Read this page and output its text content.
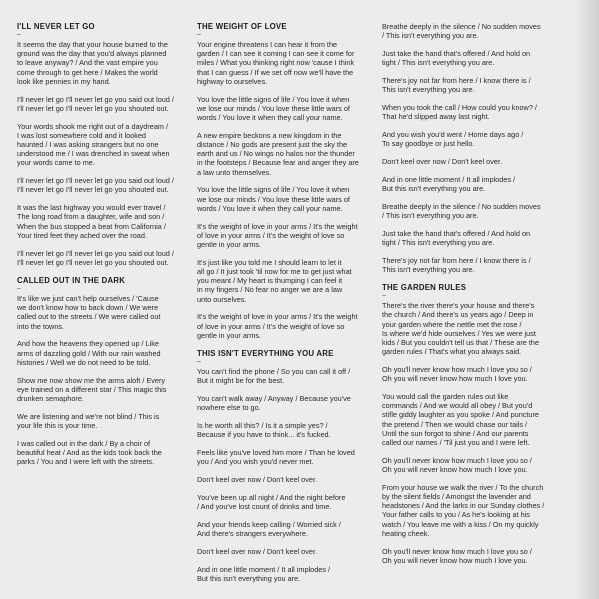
I'LL NEVER LET GO

–

It seems the day that your house burned to the
ground was the day that you'd always planned
to leave anyway? / And the vast empire you
come through to get here / Makes the world
look like pennies in my hand.

I'll never let go I'll never let go you said out loud /
I'll never let go I'll never let go you shouted out.

Your words shook me right out of a daydream /
I was lost somewhere cold and it looked
haunted / I was asking strangers but no one
understood me / I was drenched in sweat when
your words came to me.

I'll never let go I'll never let go you said out loud /
I'll never let go I'll never let go you shouted out.

It was the last highway you would ever travel /
The long road from a daughter, wife and son /
When the bus stopped a beat from California /
Your tired feet they ached over the road.

I'll never let go I'll never let go you said out loud /
I'll never let go I'll never let go you shouted out.

CALLED OUT IN THE DARK

–

It's like we just can't help ourselves / 'Cause
we don't know how to back down / We were
called out to the streets / We were called out
into the towns.

And how the heavens they opened up / Like
arms of dazzling gold / With our rain washed
histories / Well we do not need to be told.

Show me now show me the arms aloft / Every
eye trained on a different star / This magic this
drunken semaphore.

We are listening and we're not blind / This is
your life this is your time.

I was called out in the dark / By a choir of
beautiful heat / And as the kids took back the
parks / You and I were left with the streets.

THE WEIGHT OF LOVE

–

Your engine threatens I can hear it from the
garden / I can see it coming I can see it come for
miles / What you thinking right now 'cause I think
that I can guess / If we set off now we'll have the
highway to ourselves.

You love the little signs of life / You love it when
we lose our minds / You love these little wars of
words / You love it when they call your name.

A new empire beckons a new kingdom in the
distance / No gods are present just the sky the
earth and us / No wings no halos nor the thunder
in the footsteps / Because fear and anger they are
a law unto themselves.

You love the little signs of life / You love it when
we lose our minds / You love these little wars of
words / You love it when they call your name.

It's the weight of love in your arms / It's the weight
of love in your arms / It's the weight of love so
gentle in your arms.

It's just like you told me I should learn to let it
all go / It just took 'til now for me to get just what
you meant / My heart is thumping I can feel it
in my fingers / No fear no anger we are a law
unto ourselves.

It's the weight of love in your arms / It's the weight
of love in your arms / It's the weight of love so
gentle in your arms.

THIS ISN'T EVERYTHING YOU ARE

–

You can't find the phone / So you can call it off /
But it might be for the best.

You can't walk away / Anyway / Because you've
nowhere else to go.

Is he worth all this? / Is it a simple yes? /
Because if you have to think... it's fucked.

Feels like you've loved him more / Than he loved
you / And you wish you'd never met.

Don't keel over now / Don't keel over.

You've been up all night / And the night before
/ And you've lost count of drinks and time.

And your friends keep calling / Worried sick /
And there's strangers everywhere.

Don't keel over now / Don't keel over.

And in one little moment / It all implodes /
But this isn't everything you are.

Breathe deeply in the silence / No sudden moves
/ This isn't everything you are.

Just take the hand that's offered / And hold on
tight / This isn't everything you are.

There's joy not far from here / I know there is /
This isn't everything you are.

When you took the call / How could you know? /
That he'd slipped away last night.

And you wish you'd went / Home days ago /
To say goodbye or just hello.

Don't keel over now / Don't keel over.

And in one little moment / It all implodes /
But this isn't everything you are.

Breathe deeply in the silence / No sudden moves
/ This isn't everything you are.

Just take the hand that's offered / And hold on
tight / This isn't everything you are.

There's joy not far from here / I know there is /
This isn't everything you are.

THE GARDEN RULES

–

There's the river there's your house and there's
the church / And there's us years ago / Deep in
your garden where the nettle met the rose /
Is where we'd hide ourselves / Yes we were just
kids / But you couldn't tell us that / These are the
garden rules / That's what you always said.

Oh you'll never know how much I love you so /
Oh you will never know how much I love you.

You would call the garden rules out like
commands / And we would all obey / But you'd
stifle giddy laughter as you spoke / And puncture
the pretend / Then we would chase our tails /
Until the sun forgot to shine / And our parents
called our names / 'Til just you and I were left.

Oh you'll never know how much I love you so /
Oh you will never know how much I love you.

From your house we walk the river / To the church
by the silent fields / Amongst the lavender and
headstones / And the larks in our Sunday clothes /
Your father calls to you / As he's looking at his
watch / You leave me with a kiss / On my quickly
heating cheek.

Oh you'll never know how much I love you so /
Oh you will never know how much I love you.
